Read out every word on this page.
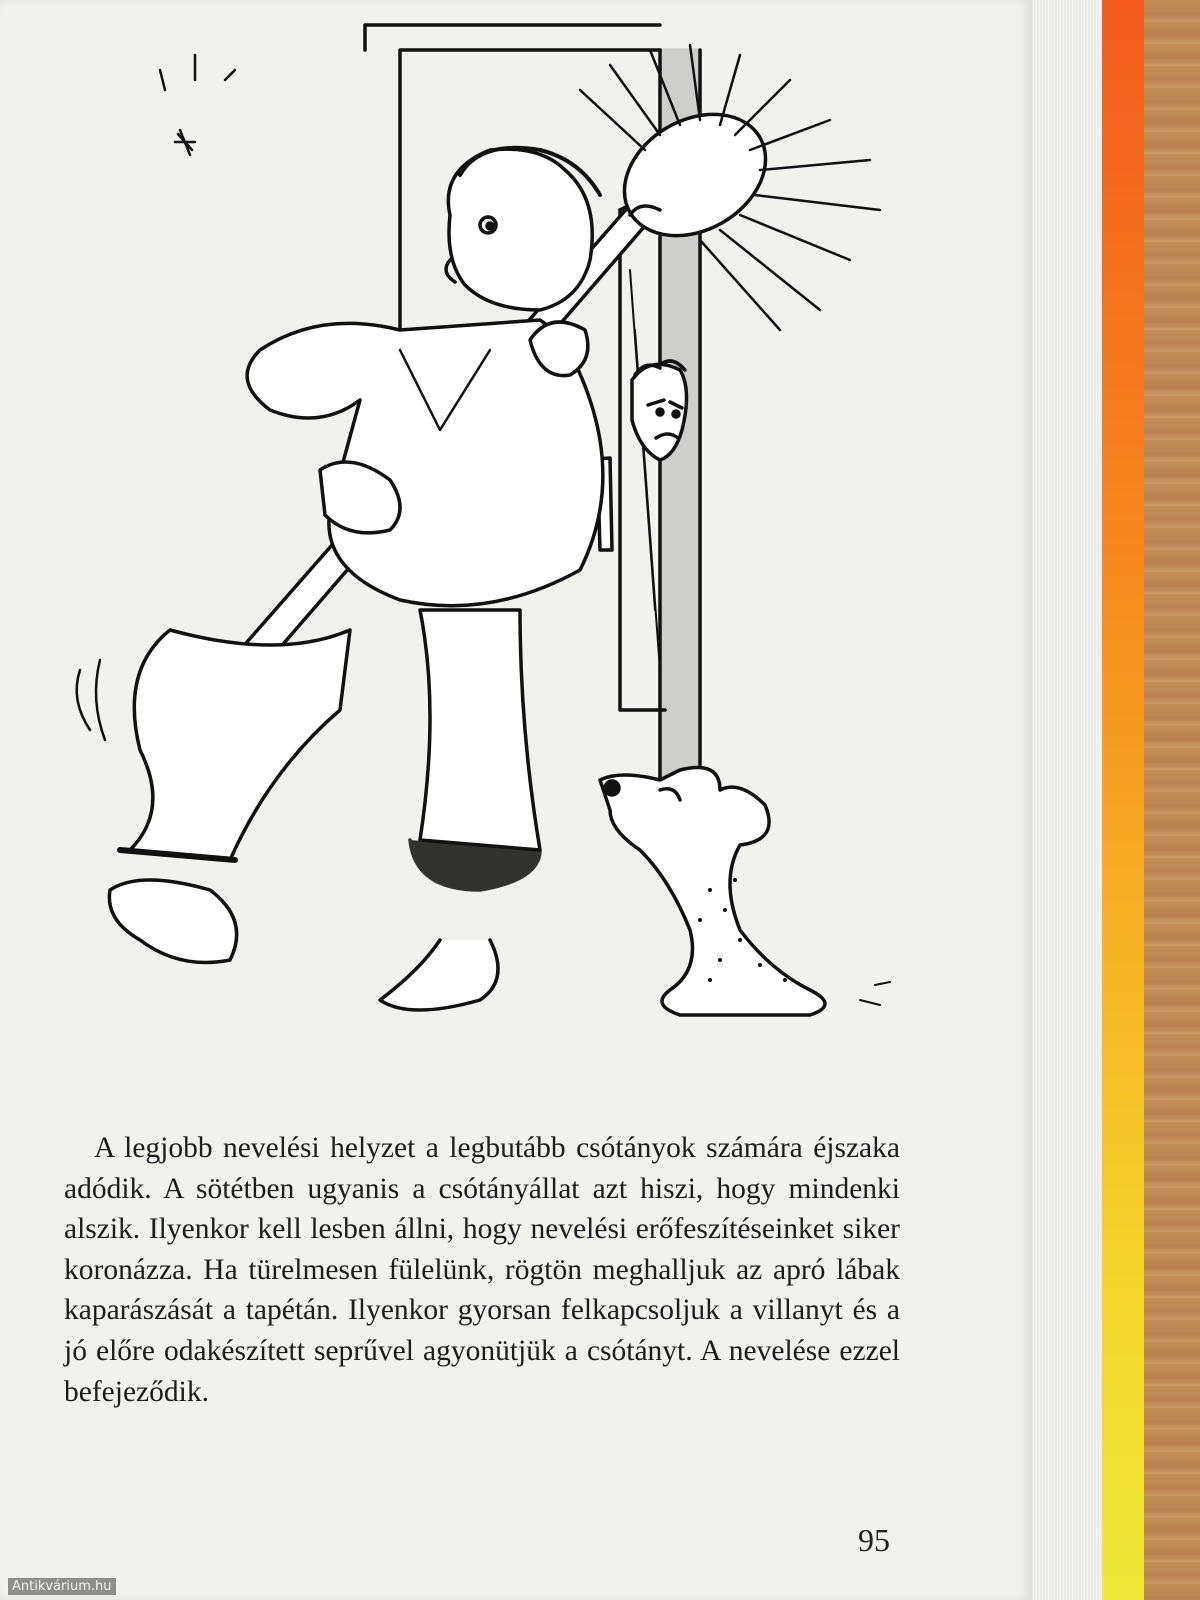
A legjobb nevelési helyzet a legbutább csótányok számára éjszaka adódik. A sötétben ugyanis a csótányállat azt hiszi, hogy mindenki alszik. Ilyenkor kell lesben állni, hogy nevelési erőfeszítéseinket siker koronázza. Ha türelmesen fülelünk, rögtön meghalljuk az apró lábak kaparászását a tapétán. Ilyenkor gyorsan felkapcsoljuk a villanyt és a jó előre odakészített seprűvel agyonütjük a csótányt. A nevelése ezzel befejeződik.

95
Antikvárium.hu
